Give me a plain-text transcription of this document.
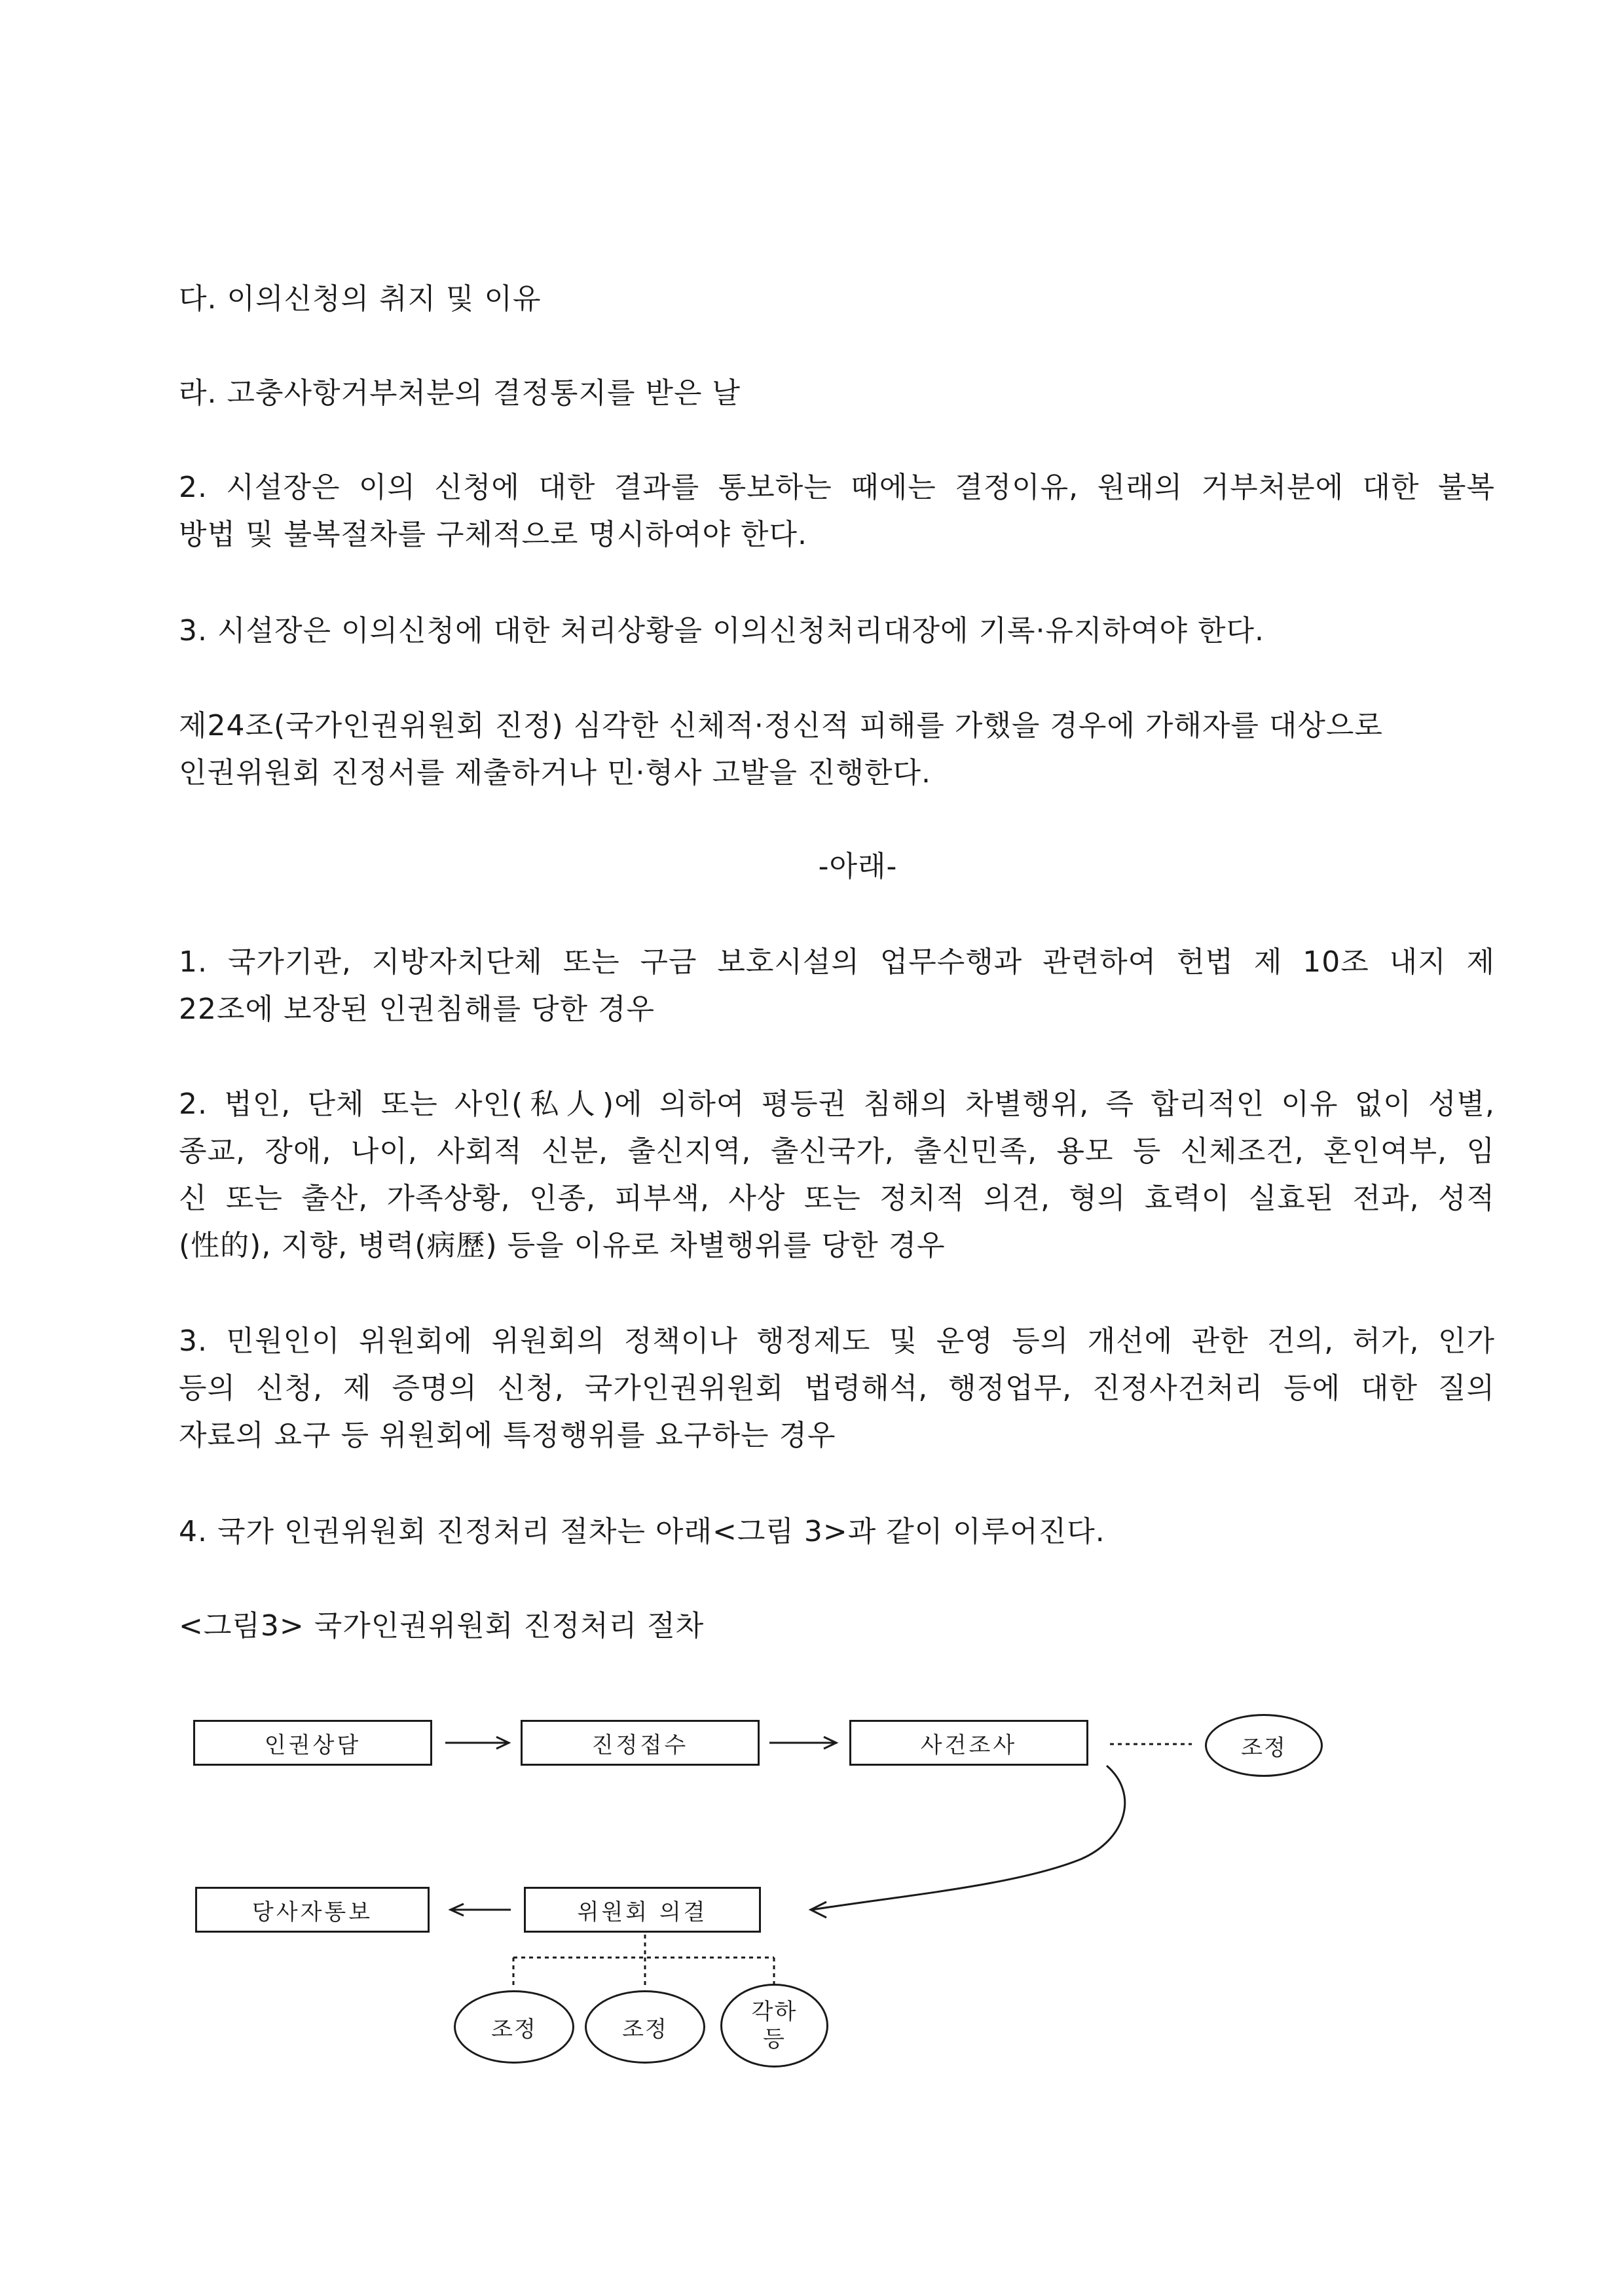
다. 이의신청의 취지 및 이유
라. 고충사항거부처분의 결정통지를 받은 날
2. 시설장은 이의 신청에 대한 결과를 통보하는 때에는 결정이유, 원래의 거부처분에 대한 불복
방법 및 불복절차를 구체적으로 명시하여야 한다.
3. 시설장은 이의신청에 대한 처리상황을 이의신청처리대장에 기록·유지하여야 한다.
제24조(국가인권위원회 진정) 심각한 신체적·정신적 피해를 가했을 경우에 가해자를 대상으로
인권위원회 진정서를 제출하거나 민·형사 고발을 진행한다.
-아래-
1. 국가기관, 지방자치단체 또는 구금 보호시설의 업무수행과 관련하여 헌법 제 10조 내지 제
22조에 보장된 인권침해를 당한 경우
2. 법인, 단체 또는 사인(私人)에 의하여 평등권 침해의 차별행위, 즉 합리적인 이유 없이 성별,
종교, 장애, 나이, 사회적 신분, 출신지역, 출신국가, 출신민족, 용모 등 신체조건, 혼인여부, 임
신 또는 출산, 가족상황, 인종, 피부색, 사상 또는 정치적 의견, 형의 효력이 실효된 전과, 성적
(性的), 지향, 병력(病歷) 등을 이유로 차별행위를 당한 경우
3. 민원인이 위원회에 위원회의 정책이나 행정제도 및 운영 등의 개선에 관한 건의, 허가, 인가
등의 신청, 제 증명의 신청, 국가인권위원회 법령해석, 행정업무, 진정사건처리 등에 대한 질의
자료의 요구 등 위원회에 특정행위를 요구하는 경우
4. 국가 인권위원회 진정처리 절차는 아래<그림 3>과 같이 이루어진다.
<그림3> 국가인권위원회 진정처리 절차
인권상담	진정접수	사건조사	조정
당사자통보	위원회 의결
조정	조정
각하
등
